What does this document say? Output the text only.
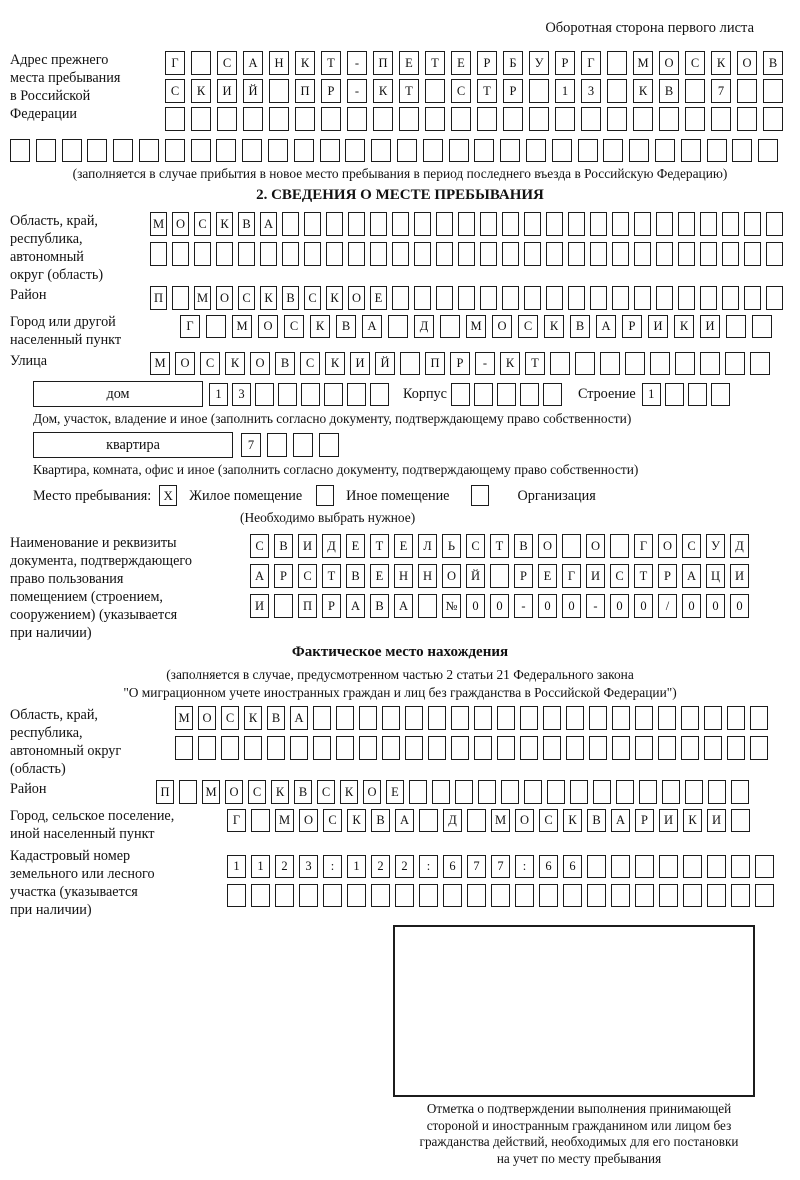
Оборотная сторона первого листа
Адрес прежнего
места пребывания
в Российской
Федерации
Г	С	А	Н	К	Т	-	П	Е	Т	Е	Р	Б	У	Р	Г	М	О	С	К	О	В
С	К	И	Й	П	Р	-	К	Т	С	Т	Р	1	3	К	В	7
(заполняется в случае прибытия в новое место пребывания в период последнего въезда в Российскую Федерацию)
2. СВЕДЕНИЯ О МЕСТЕ ПРЕБЫВАНИЯ
Область, край,
республика,
автономный
округ (область)
М О	С	К	В	А
Район	П	М О	С	К	В	С	К	О	Е
Город или другой
населенный пункт
Г	М	О	С	К	В	А	Д	М	О	С	К	В	А	Р	И	К	И
Улица	М	О	С	К	О	В	С	К	И	Й	П	Р	-	К	Т
дом	1	3	Корпус	Строение 1
Дом, участок, владение и иное (заполнить согласно документу, подтверждающему право собственности)
квартира	7
Квартира, комната, офис и иное (заполнить согласно документу, подтверждающему право собственности)
Место пребывания: X	Жилое помещение	Иное помещение	Организация
(Необходимо выбрать нужное)
Наименование и реквизиты
документа, подтверждающего
право пользования
помещением (строением,
сооружением) (указывается
при наличии)
С	В	И	Д	Е	Т	Е	Л	Ь	С	Т	В	О	О	Г	О	С	У	Д
А	Р	С	Т	В	Е	Н	Н	О	Й	Р	Е	Г	И	С	Т	Р	А	Ц	И
И	П	Р	А	В	А	№	0	0	-	0	0	-	0	0	/	0	0	0
Фактическое место нахождения
(заполняется в случае, предусмотренном частью 2 статьи 21 Федерального закона
"О миграционном учете иностранных граждан и лиц без гражданства в Российской Федерации")
Область, край,
республика,
автономный округ
(область)
М	О	С	К	В	А
Район	П	М	О	С	К	В	С	К	О	Е
Город, сельское поселение,
иной населенный пункт
Г	М	О	С	К	В	А	Д	М	О	С	К	В	А	Р	И	К	И
Кадастровый номер
земельного или лесного
участка (указывается
при наличии)
1	1	2	3	:	1	2	2	:	6	7	7	:	6	6
Отметка о подтверждении выполнения принимающей
стороной и иностранным гражданином или лицом без
гражданства действий, необходимых для его постановки
на учет по месту пребывания
